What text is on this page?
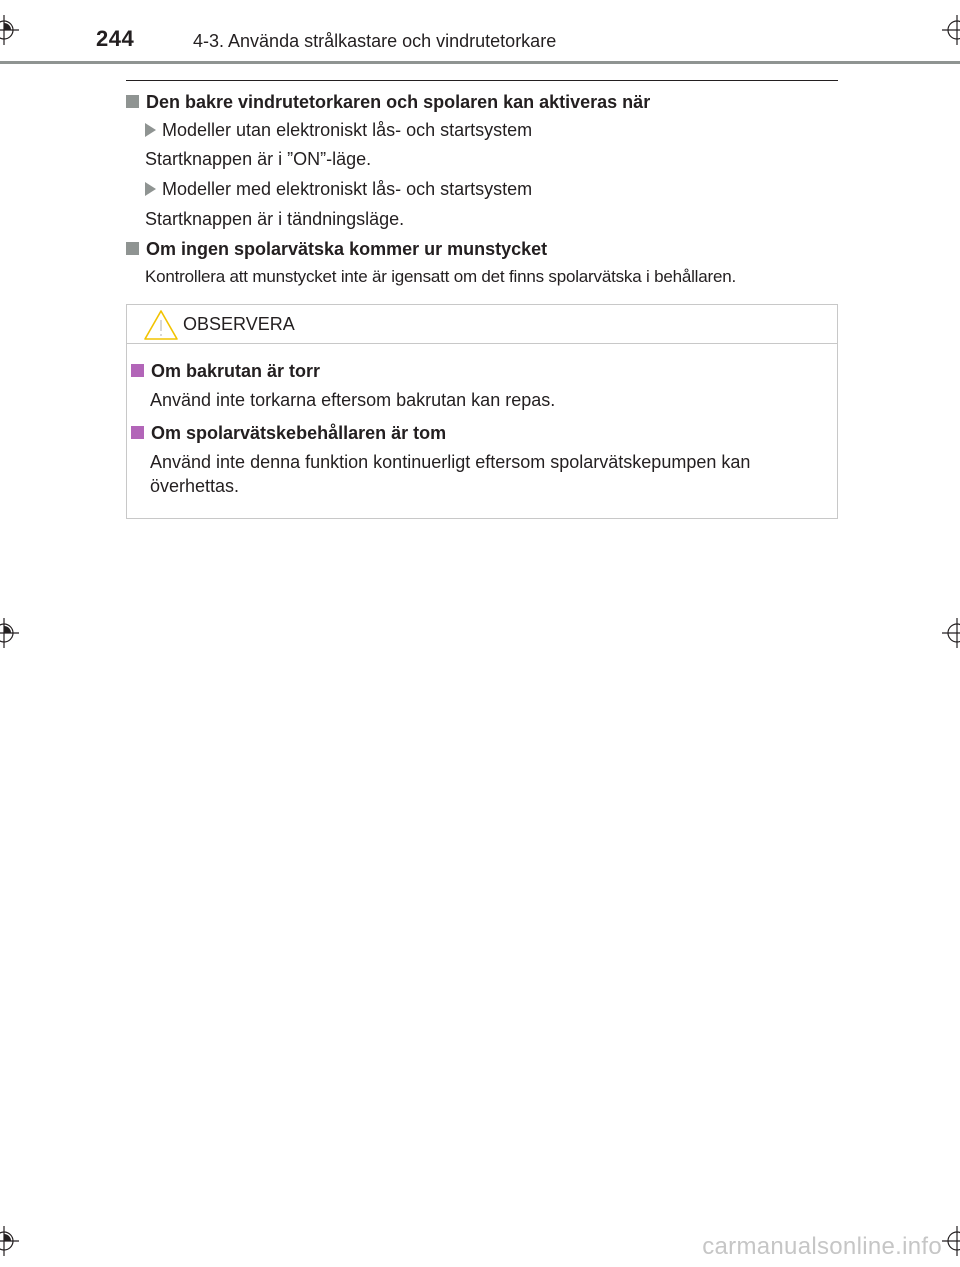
244	4-3. Använda strålkastare och vindrutetorkare
Den bakre vindrutetorkaren och spolaren kan aktiveras när
Modeller utan elektroniskt lås- och startsystem
Startknappen är i ”ON”-läge.
Modeller med elektroniskt lås- och startsystem
Startknappen är i tändningsläge.
Om ingen spolarvätska kommer ur munstycket
Kontrollera att munstycket inte är igensatt om det finns spolarvätska i behållaren.
OBSERVERA
Om bakrutan är torr
Använd inte torkarna eftersom bakrutan kan repas.
Om spolarvätskebehållaren är tom
Använd inte denna funktion kontinuerligt eftersom spolarvätskepumpen kan överhettas.
carmanualsonline.info
